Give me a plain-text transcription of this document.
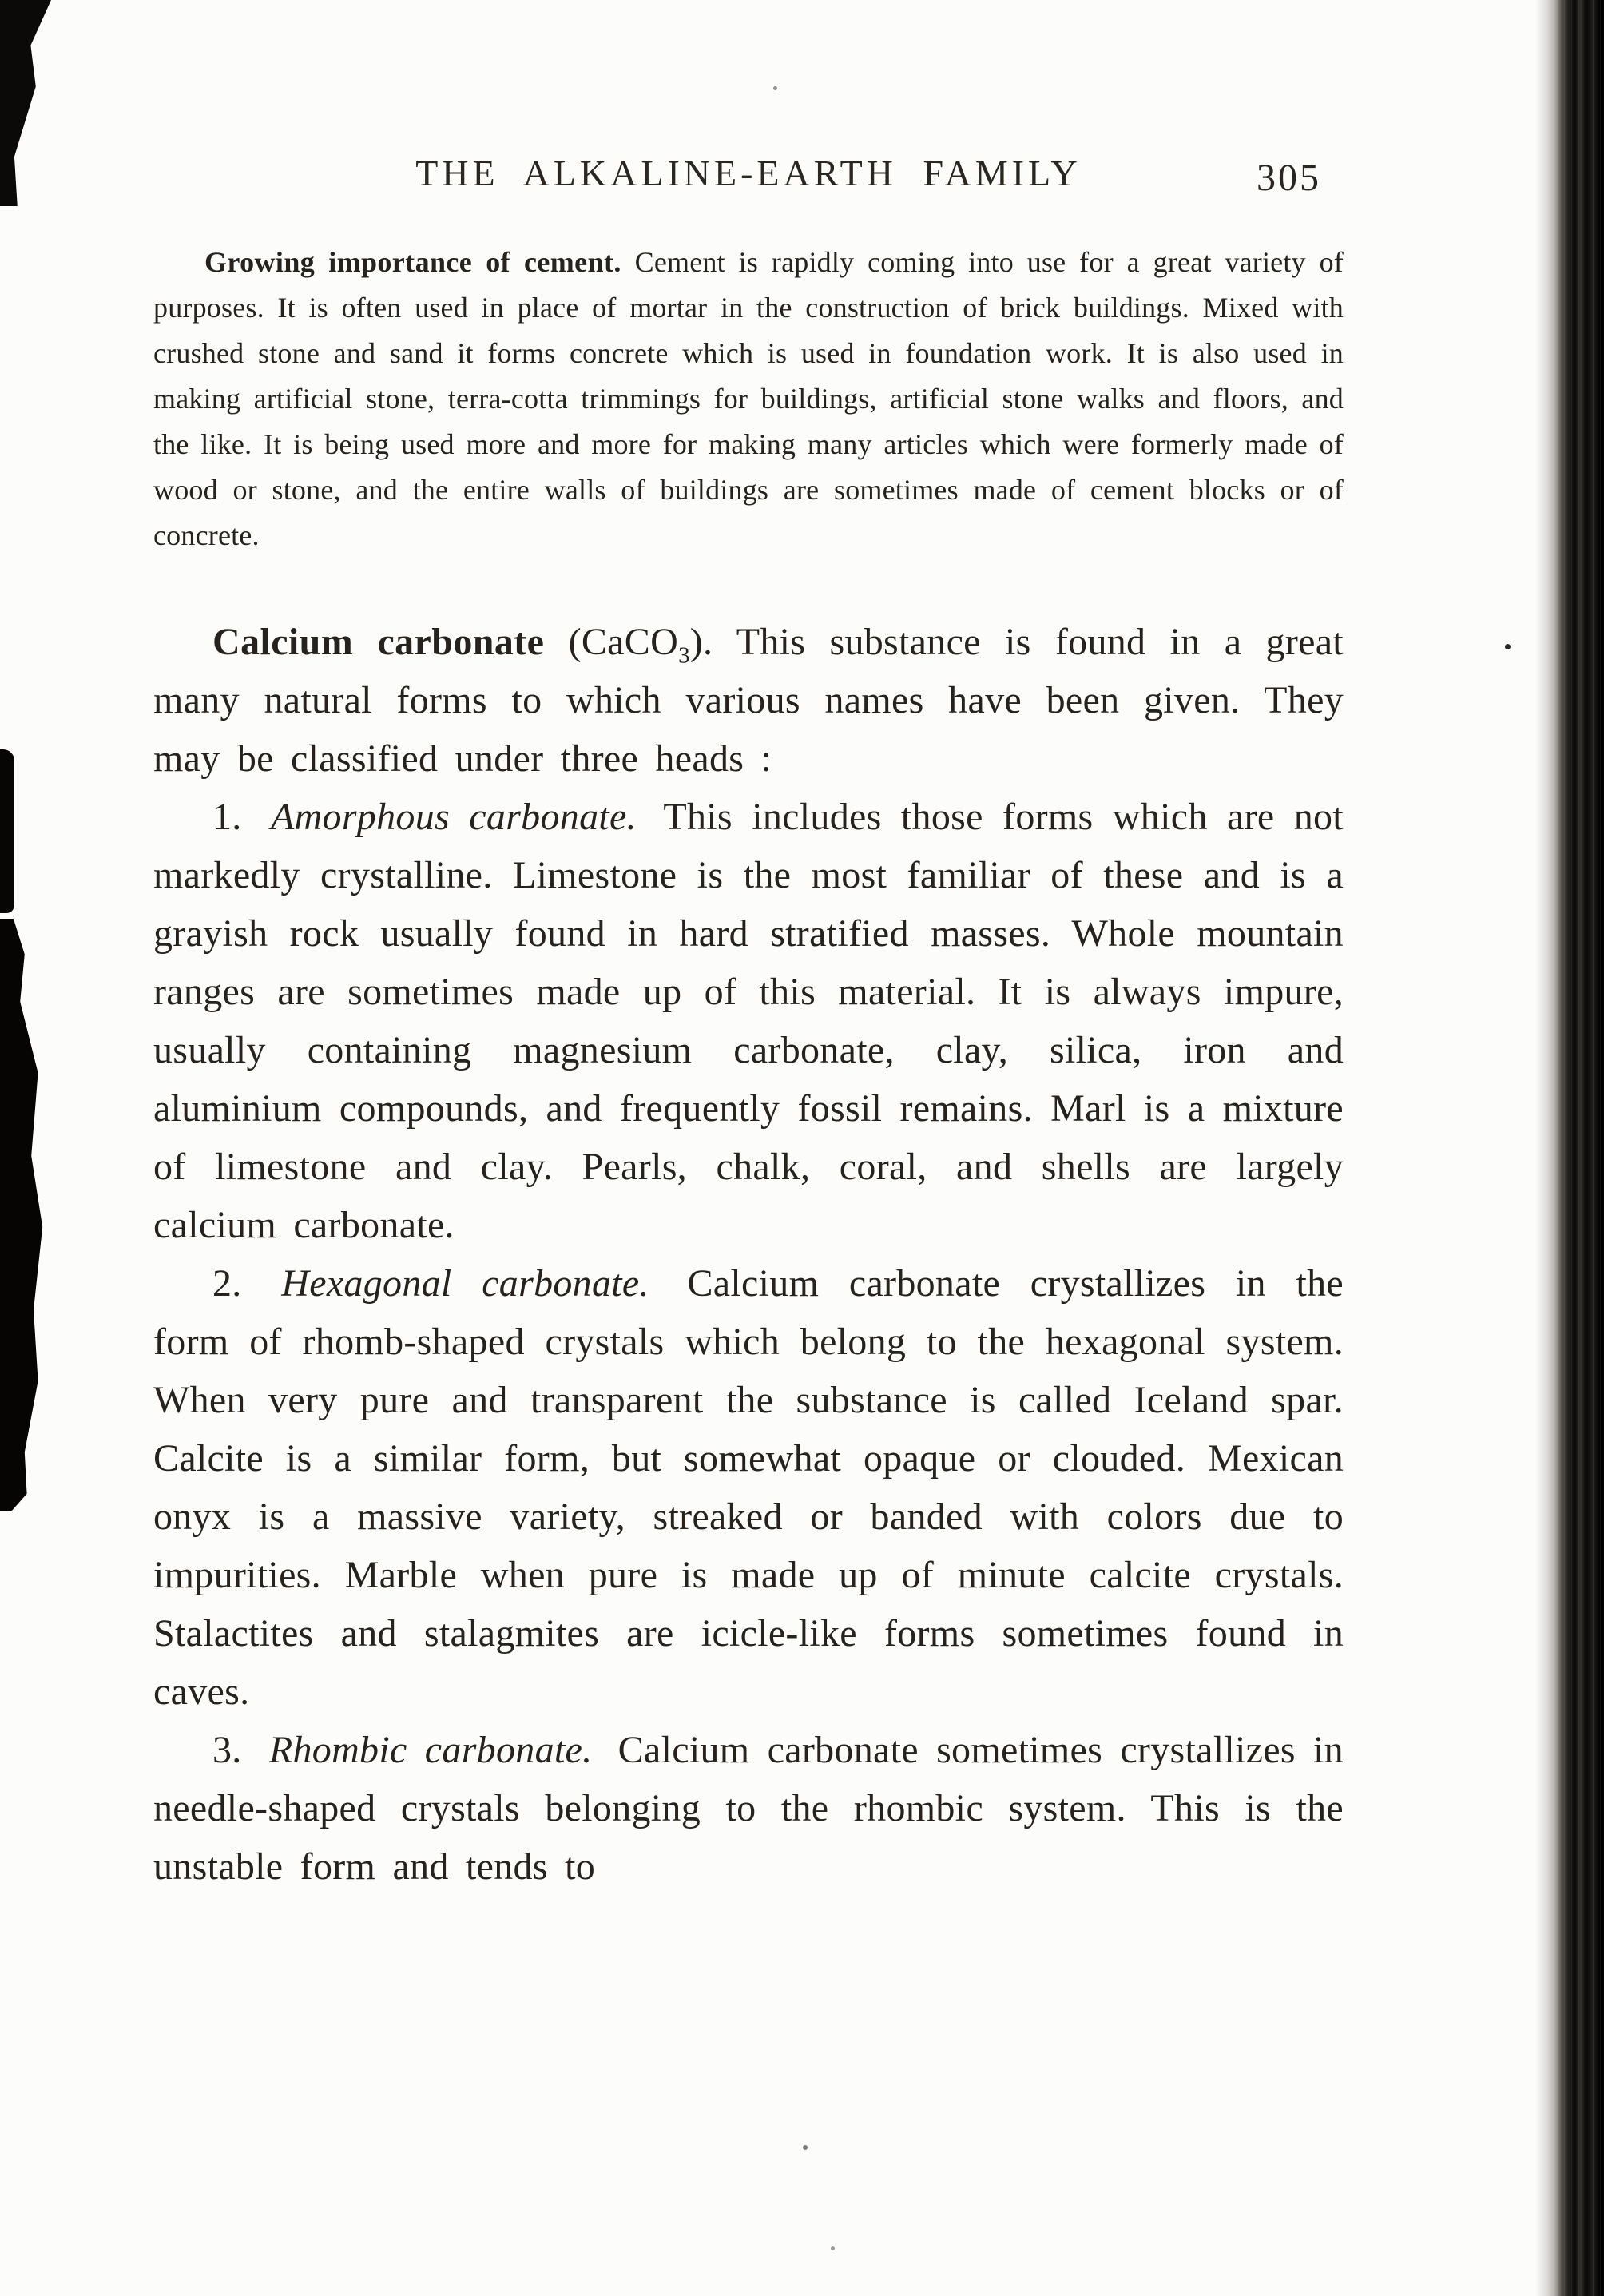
THE ALKALINE-EARTH FAMILY	305

Growing importance of cement. Cement is rapidly coming into use for a great variety of purposes. It is often used in place of mortar in the construction of brick buildings. Mixed with crushed stone and sand it forms concrete which is used in foundation work. It is also used in making artificial stone, terra-cotta trimmings for buildings, artificial stone walks and floors, and the like. It is being used more and more for making many articles which were formerly made of wood or stone, and the entire walls of buildings are sometimes made of cement blocks or of concrete.

Calcium carbonate (CaCO$_3$). This substance is found in a great many natural forms to which various names have been given. They may be classified under three heads :

1. Amorphous carbonate. This includes those forms which are not markedly crystalline. Limestone is the most familiar of these and is a grayish rock usually found in hard stratified masses. Whole mountain ranges are sometimes made up of this material. It is always impure, usually containing magnesium carbonate, clay, silica, iron and aluminium compounds, and frequently fossil remains. Marl is a mixture of limestone and clay. Pearls, chalk, coral, and shells are largely calcium carbonate.

2. Hexagonal carbonate. Calcium carbonate crystallizes in the form of rhomb-shaped crystals which belong to the hexagonal system. When very pure and transparent the substance is called Iceland spar. Calcite is a similar form, but somewhat opaque or clouded. Mexican onyx is a massive variety, streaked or banded with colors due to impurities. Marble when pure is made up of minute calcite crystals. Stalactites and stalagmites are icicle-like forms sometimes found in caves.

3. Rhombic carbonate. Calcium carbonate sometimes crystallizes in needle-shaped crystals belonging to the rhombic system. This is the unstable form and tends to
